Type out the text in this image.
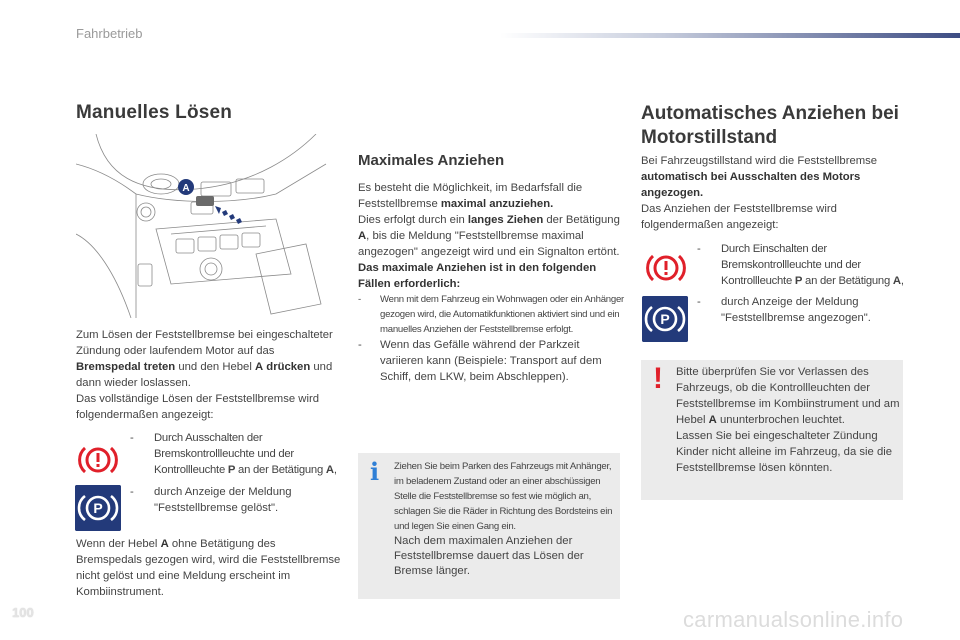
Fahrbetrieb
Manuelles Lösen
A

Zum Lösen der Feststellbremse bei eingeschalteter Zündung oder laufendem Motor auf das Bremspedal treten und den Hebel A drücken und dann wieder loslassen.

Das vollständige Lösen der Feststellbremse wird folgendermaßen angezeigt:

- Durch Ausschalten der Bremskontrollleuchte und der Kontrollleuchte P an der Betätigung A,
P
- durch Anzeige der Meldung "Feststellbremse gelöst".

Wenn der Hebel A ohne Betätigung des Bremspedals gezogen wird, wird die Feststellbremse nicht gelöst und eine Meldung erscheint im Kombiinstrument.

Maximales Anziehen

Es besteht die Möglichkeit, im Bedarfsfall die Feststellbremse maximal anzuziehen.

Dies erfolgt durch ein langes Ziehen der Betätigung A, bis die Meldung "Feststellbremse maximal angezogen" angezeigt wird und ein Signalton ertönt.

Das maximale Anziehen ist in den folgenden Fällen erforderlich:

- Wenn mit dem Fahrzeug ein Wohnwagen oder ein Anhänger gezogen wird, die Automatikfunktionen aktiviert sind und ein manuelles Anziehen der Feststellbremse erfolgt.
- Wenn das Gefälle während der Parkzeit variieren kann (Beispiele: Transport auf dem Schiff, dem LKW, beim Abschleppen).
i Ziehen Sie beim Parken des Fahrzeugs mit Anhänger, im beladenem Zustand oder an einer abschüssigen Stelle die Feststellbremse so fest wie möglich an, schlagen Sie die Räder in Richtung des Bordsteins ein und legen Sie einen Gang ein.
Nach dem maximalen Anziehen der Feststellbremse dauert das Lösen der Bremse länger.
Automatisches Anziehen bei Motorstillstand

Bei Fahrzeugstillstand wird die Feststellbremse automatisch bei Ausschalten des Motors angezogen.

Das Anziehen der Feststellbremse wird folgendermaßen angezeigt:

- Durch Einschalten der Bremskontrollleuchte und der Kontrollleuchte P an der Betätigung A,
P
- durch Anzeige der Meldung "Feststellbremse angezogen".
! Bitte überprüfen Sie vor Verlassen des Fahrzeugs, ob die Kontrollleuchten der Feststellbremse im Kombiinstrument und am Hebel A ununterbrochen leuchtet.
Lassen Sie bei eingeschalteter Zündung Kinder nicht alleine im Fahrzeug, da sie die Feststellbremse lösen könnten.
100	carmanualsonline.info
